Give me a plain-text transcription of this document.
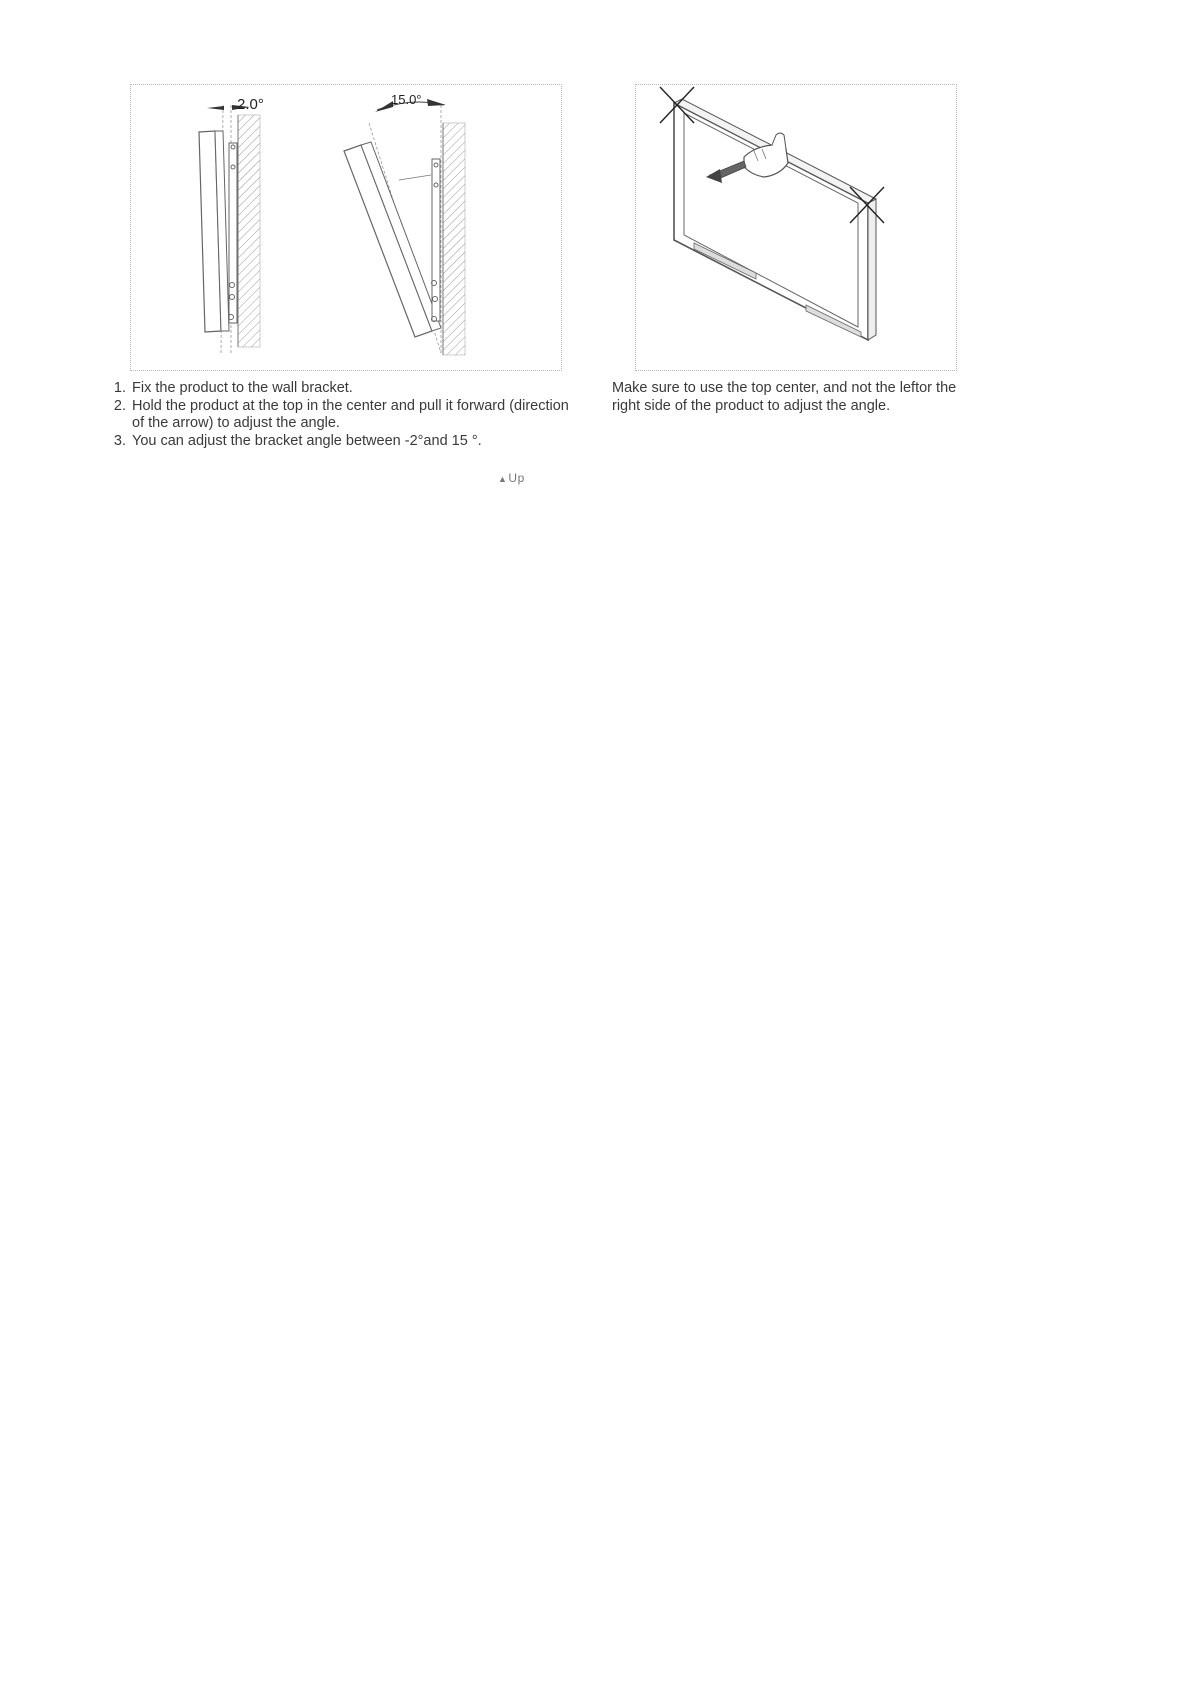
2.0°	15.0°
1. Fix the product to the wall bracket.
2. Hold the product at the top in the center and pull it forward (direction of the arrow) to adjust the angle.
3. You can adjust the bracket angle between -2°and 15 °.

Make sure to use the top center, and not the leftor the right side of the product to adjust the angle.

▲Up
